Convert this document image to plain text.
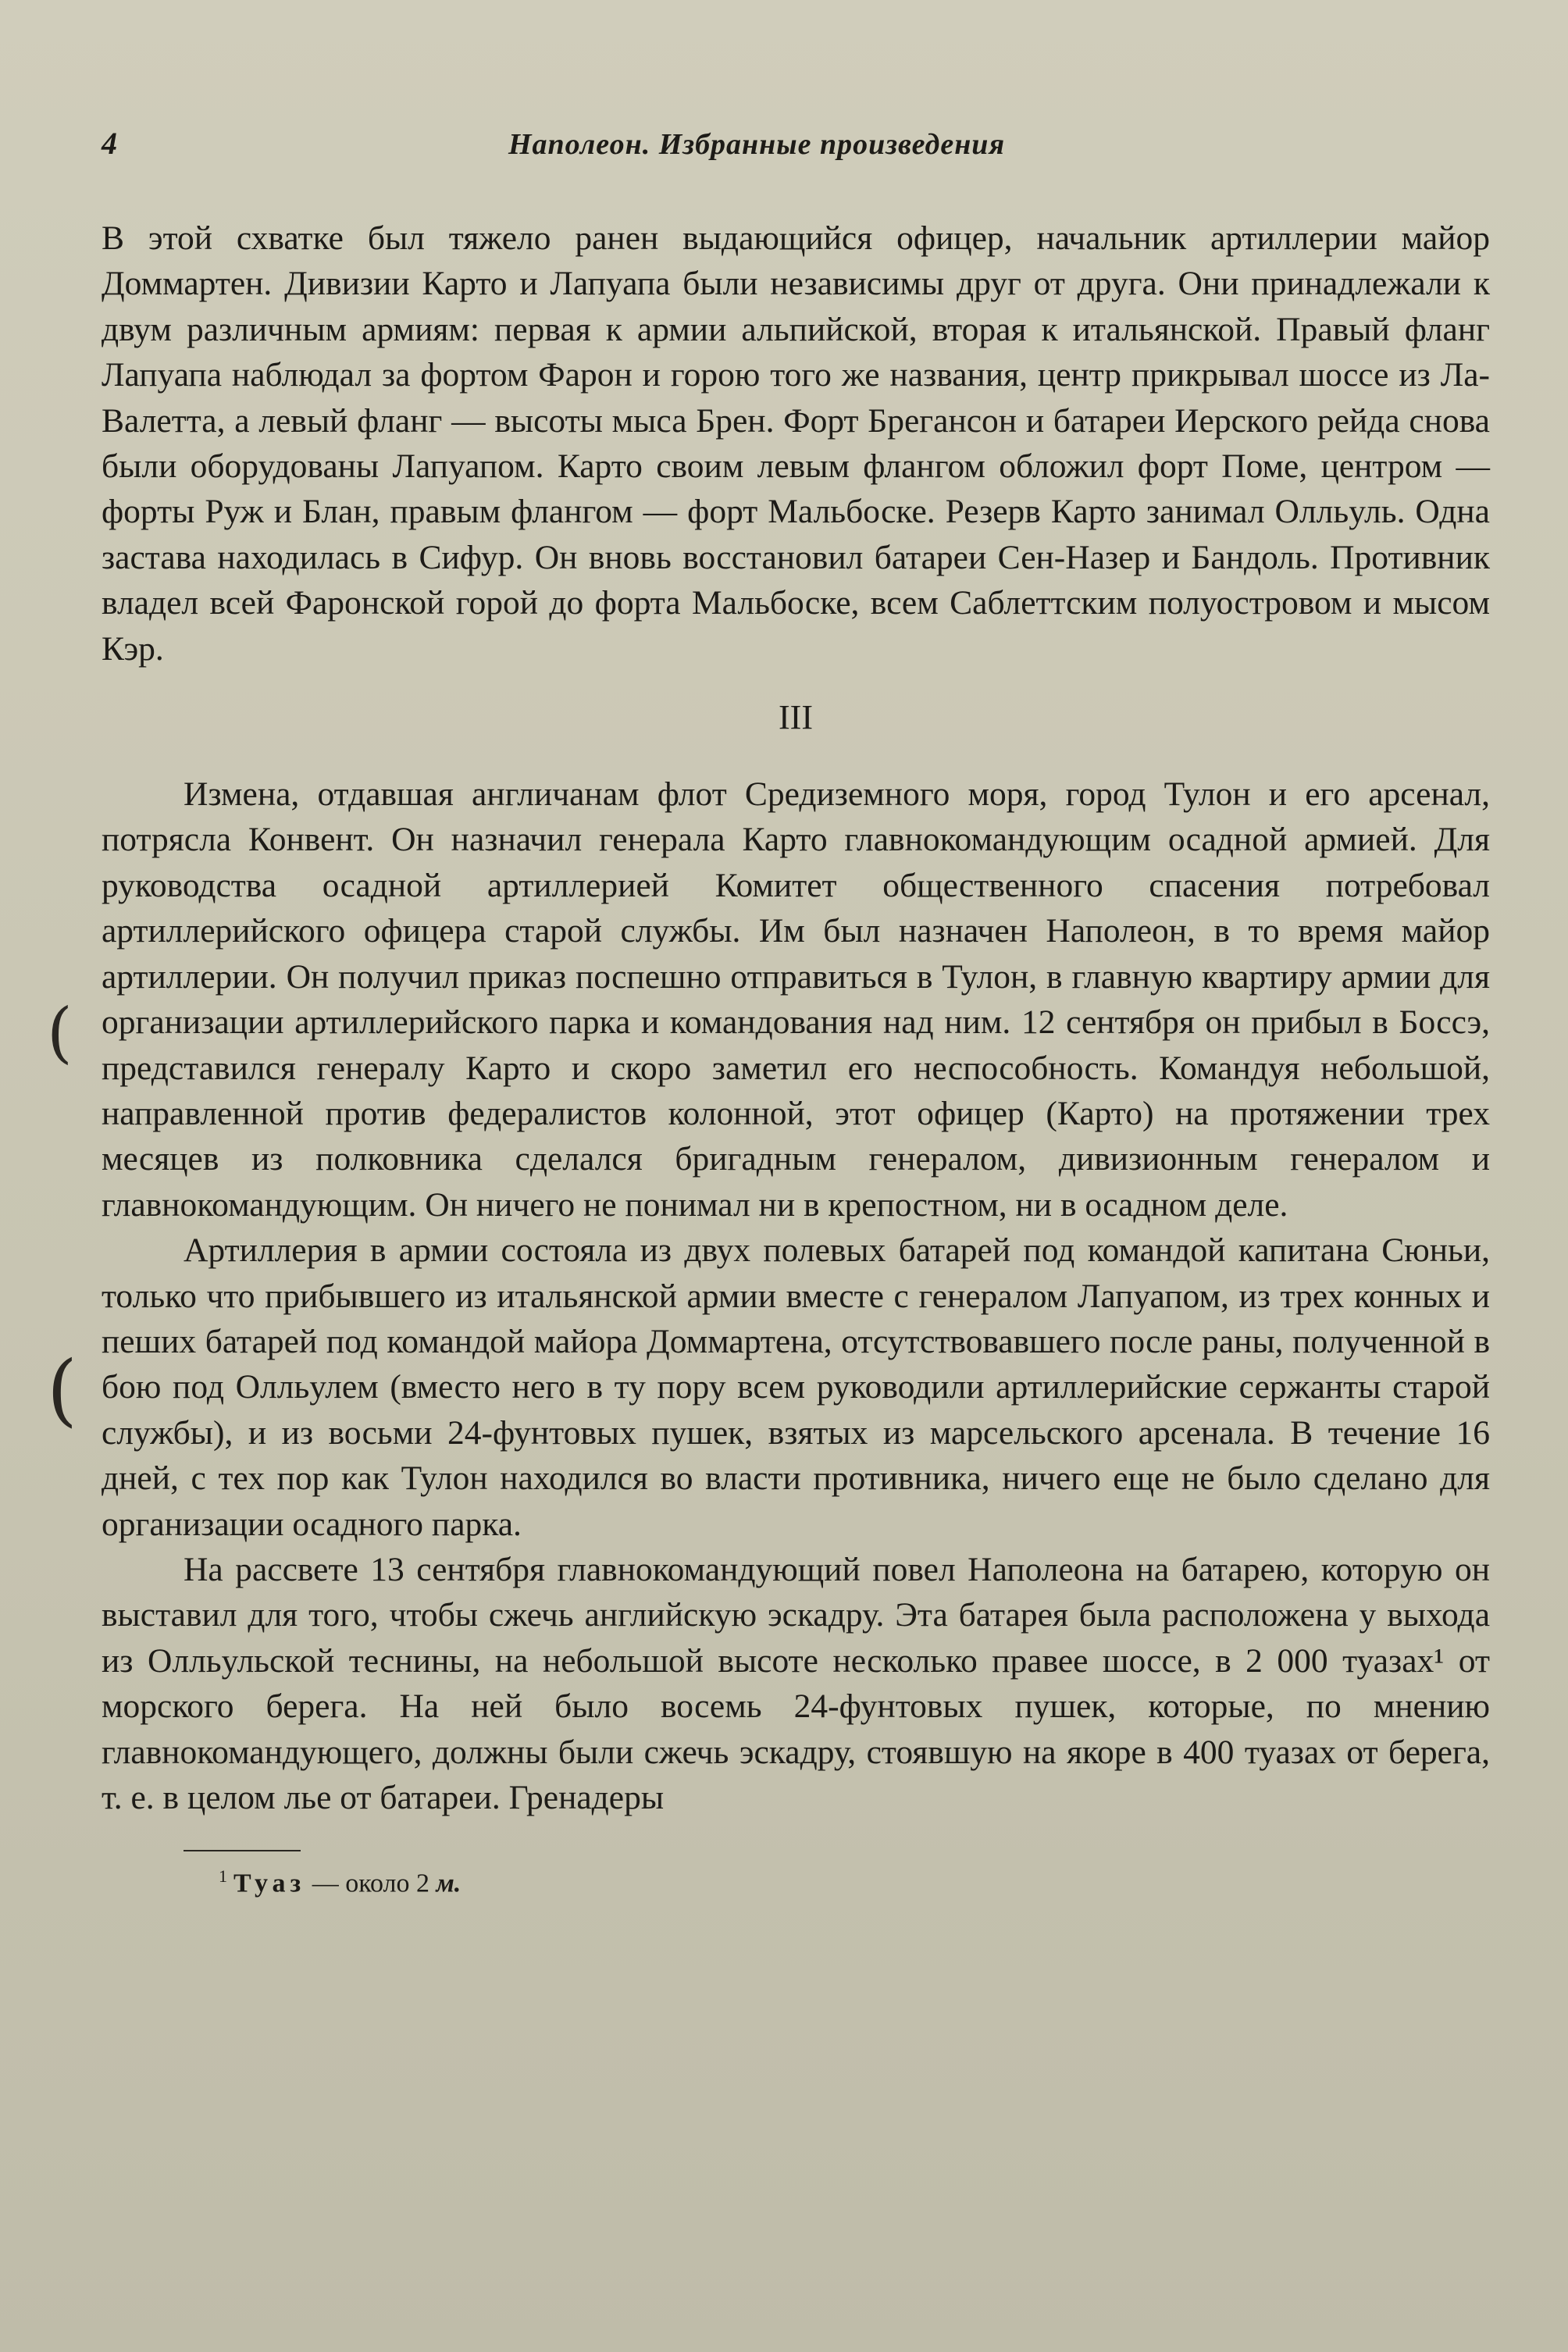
4	Наполеон. Избранные произведения

В этой схватке был тяжело ранен выдающийся офицер, начальник артиллерии майор Доммартен. Дивизии Карто и Лапуапа были независимы друг от друга. Они принадлежали к двум различным армиям: первая к армии альпийской, вторая к итальянской. Правый фланг Лапуапа наблюдал за фортом Фарон и горою того же названия, центр прикрывал шоссе из Ла-Валетта, а левый фланг — высоты мыса Брен. Форт Брегансон и батареи Иерского рейда снова были оборудованы Лапуапом. Карто своим левым флангом обложил форт Поме, центром — форты Руж и Блан, правым флангом — форт Мальбоске. Резерв Карто занимал Олльуль. Одна застава находилась в Сифур. Он вновь восстановил батареи Сен-Назер и Бандоль. Противник владел всей Фаронской горой до форта Мальбоске, всем Саблеттским полуостровом и мысом Кэр.

III

Измена, отдавшая англичанам флот Средиземного моря, город Тулон и его арсенал, потрясла Конвент. Он назначил генерала Карто главнокомандующим осадной армией. Для руководства осадной артиллерией Комитет общественного спасения потребовал артиллерийского офицера старой службы. Им был назначен Наполеон, в то время майор артиллерии. Он получил приказ поспешно отправиться в Тулон, в главную квартиру армии для организации артиллерийского парка и командования над ним. 12 сентября он прибыл в Боссэ, представился генералу Карто и скоро заметил его неспособность. Командуя небольшой, направленной против федералистов колонной, этот офицер (Карто) на протяжении трех месяцев из полковника сделался бригадным генералом, дивизионным генералом и главнокомандующим. Он ничего не понимал ни в крепостном, ни в осадном деле.

Артиллерия в армии состояла из двух полевых батарей под командой капитана Сюньи, только что прибывшего из итальянской армии вместе с генералом Лапуапом, из трех конных и пеших батарей под командой майора Доммартена, отсутствовавшего после раны, полученной в бою под Олльулем (вместо него в ту пору всем руководили артиллерийские сержанты старой службы), и из восьми 24-фунтовых пушек, взятых из марсельского арсенала. В течение 16 дней, с тех пор как Тулон находился во власти противника, ничего еще не было сделано для организации осадного парка.

На рассвете 13 сентября главнокомандующий повел Наполеона на батарею, которую он выставил для того, чтобы сжечь английскую эскадру. Эта батарея была расположена у выхода из Олльульской теснины, на небольшой высоте несколько правее шоссе, в 2 000 туазах¹ от морского берега. На ней было восемь 24-фунтовых пушек, которые, по мнению главнокомандующего, должны были сжечь эскадру, стоявшую на якоре в 400 туазах от берега, т. е. в целом лье от батареи. Гренадеры

$^1$ Туаз — около 2 м.
(
(
